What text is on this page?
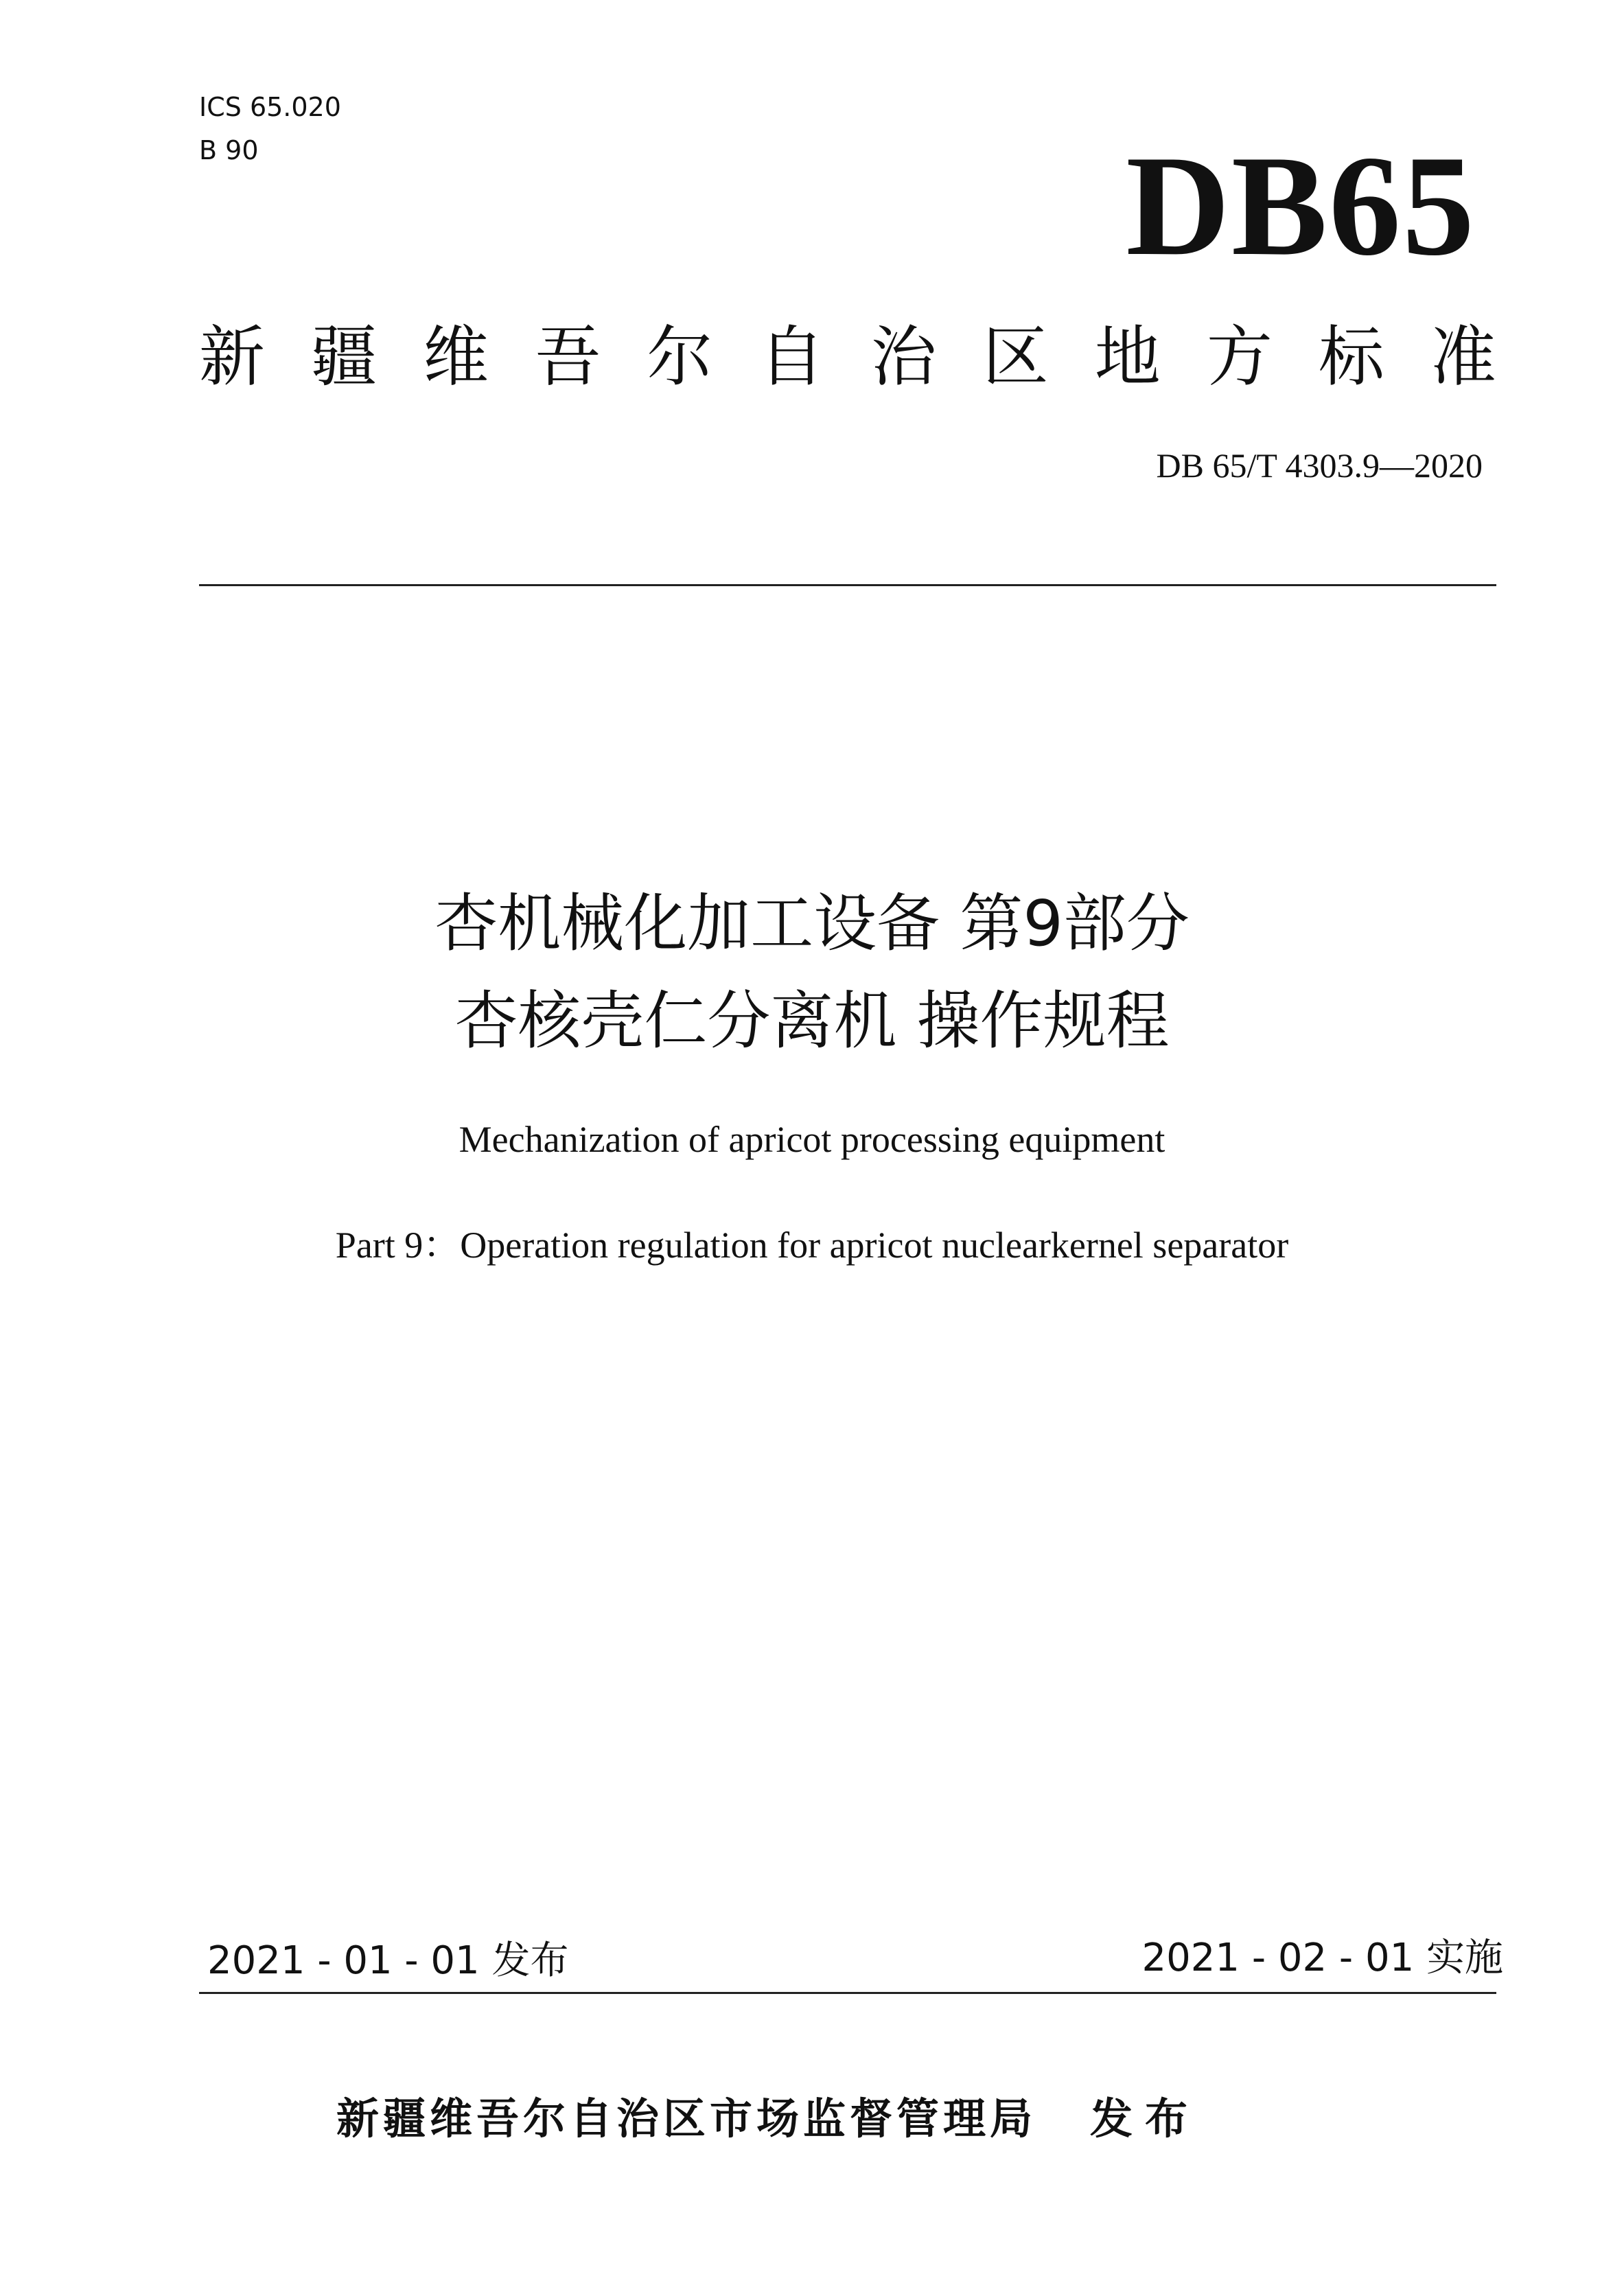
ICS 65.020
B 90	DB65
新疆维吾尔自治区地方标准
DB 65/T 4303.9—2020
杏机械化加工设备 第9部分
杏核壳仁分离机 操作规程
Mechanization of apricot processing equipment
Part 9：Operation regulation for apricot nuclearkernel separator
2021 - 01 - 01 发布	2021 - 02 - 01 实施
新疆维吾尔自治区市场监督管理局 发布
